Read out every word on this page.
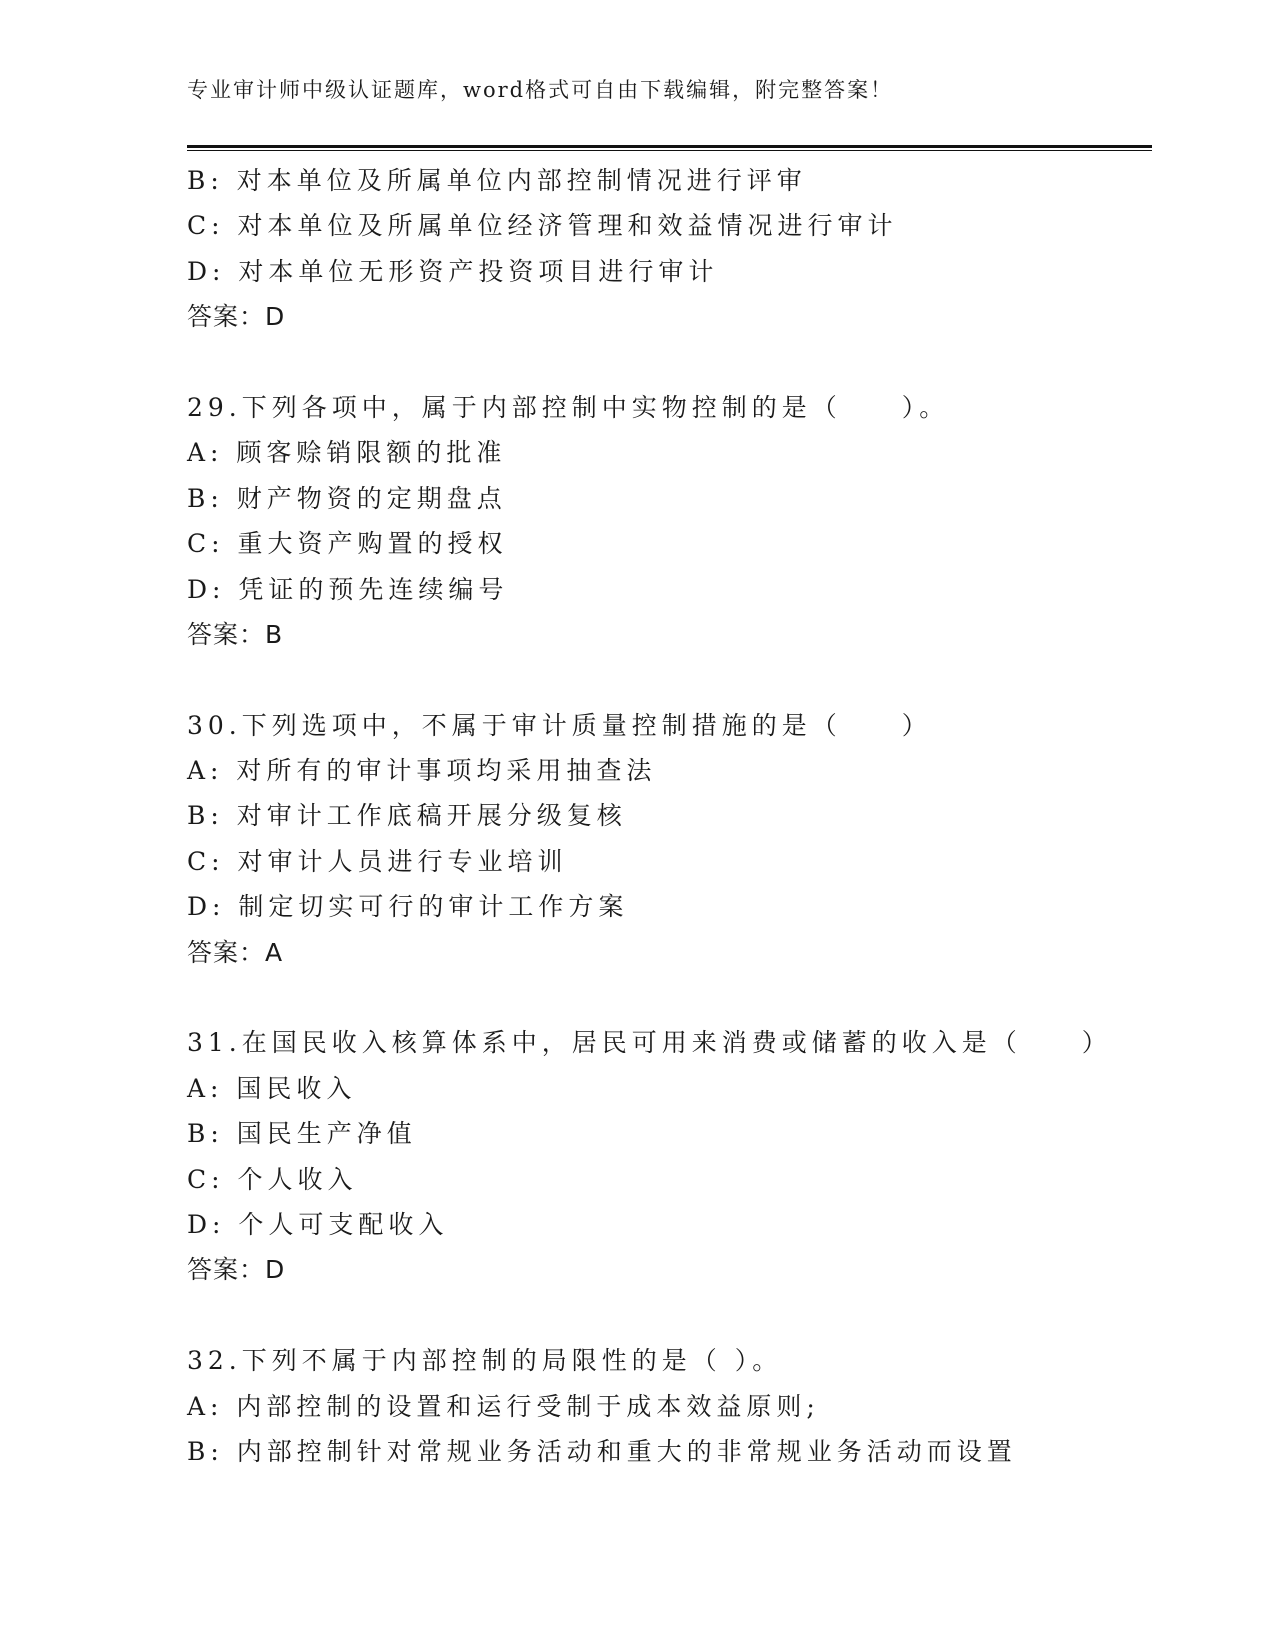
专业审计师中级认证题库，word格式可自由下载编辑，附完整答案！
B: 对本单位及所属单位内部控制情况进行评审
C: 对本单位及所属单位经济管理和效益情况进行审计
D: 对本单位无形资产投资项目进行审计
答案：D
29.下列各项中，属于内部控制中实物控制的是（　　）。
A: 顾客赊销限额的批准
B: 财产物资的定期盘点
C: 重大资产购置的授权
D: 凭证的预先连续编号
答案：B
30.下列选项中，不属于审计质量控制措施的是（　　）
A: 对所有的审计事项均采用抽查法
B: 对审计工作底稿开展分级复核
C: 对审计人员进行专业培训
D: 制定切实可行的审计工作方案
答案：A
31.在国民收入核算体系中，居民可用来消费或储蓄的收入是（　　）
A: 国民收入
B: 国民生产净值
C: 个人收入
D: 个人可支配收入
答案：D
32.下列不属于内部控制的局限性的是（ ）。
A: 内部控制的设置和运行受制于成本效益原则;
B: 内部控制针对常规业务活动和重大的非常规业务活动而设置
